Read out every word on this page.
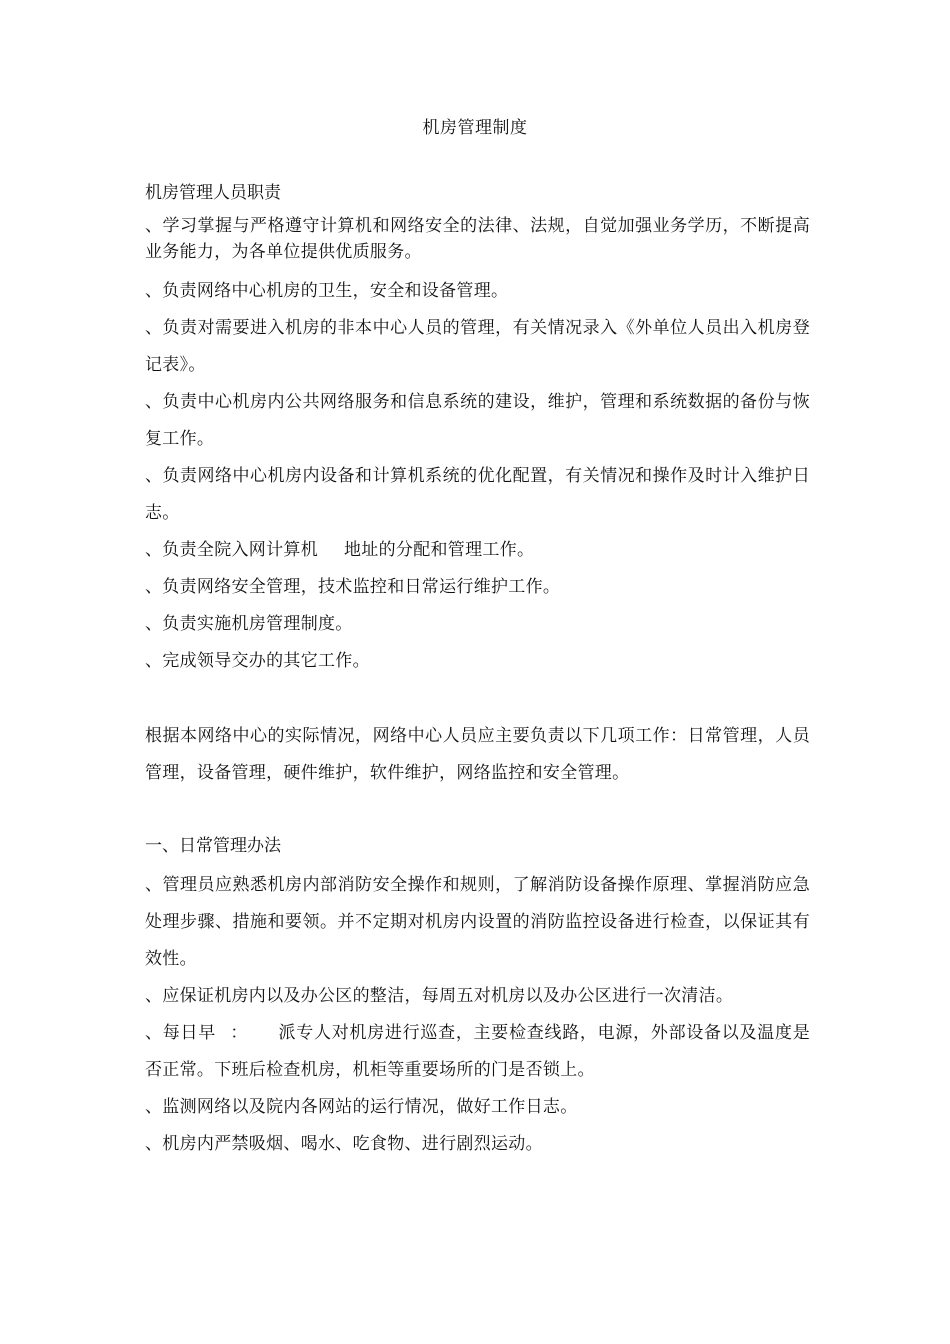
机房管理制度
机房管理人员职责

、学习掌握与严格遵守计算机和网络安全的法律、法规，自觉加强业务学历，不断提高业务能力，为各单位提供优质服务。

、负责网络中心机房的卫生，安全和设备管理。

、负责对需要进入机房的非本中心人员的管理，有关情况录入《外单位人员出入机房登记表》。

、负责中心机房内公共网络服务和信息系统的建设，维护，管理和系统数据的备份与恢复工作。

、负责网络中心机房内设备和计算机系统的优化配置，有关情况和操作及时计入维护日志。

、负责全院入网计算机 地址的分配和管理工作。

、负责网络安全管理，技术监控和日常运行维护工作。

、负责实施机房管理制度。

、完成领导交办的其它工作。

根据本网络中心的实际情况，网络中心人员应主要负责以下几项工作：日常管理，人员管理，设备管理，硬件维护，软件维护，网络监控和安全管理。
一、日常管理办法

、管理员应熟悉机房内部消防安全操作和规则，了解消防设备操作原理、掌握消防应急处理步骤、措施和要领。并不定期对机房内设置的消防监控设备进行检查，以保证其有效性。

、应保证机房内以及办公区的整洁，每周五对机房以及办公区进行一次清洁。

、每日早 ： 派专人对机房进行巡查，主要检查线路，电源，外部设备以及温度是否正常。下班后检查机房，机柜等重要场所的门是否锁上。

、监测网络以及院内各网站的运行情况，做好工作日志。

、机房内严禁吸烟、喝水、吃食物、进行剧烈运动。
